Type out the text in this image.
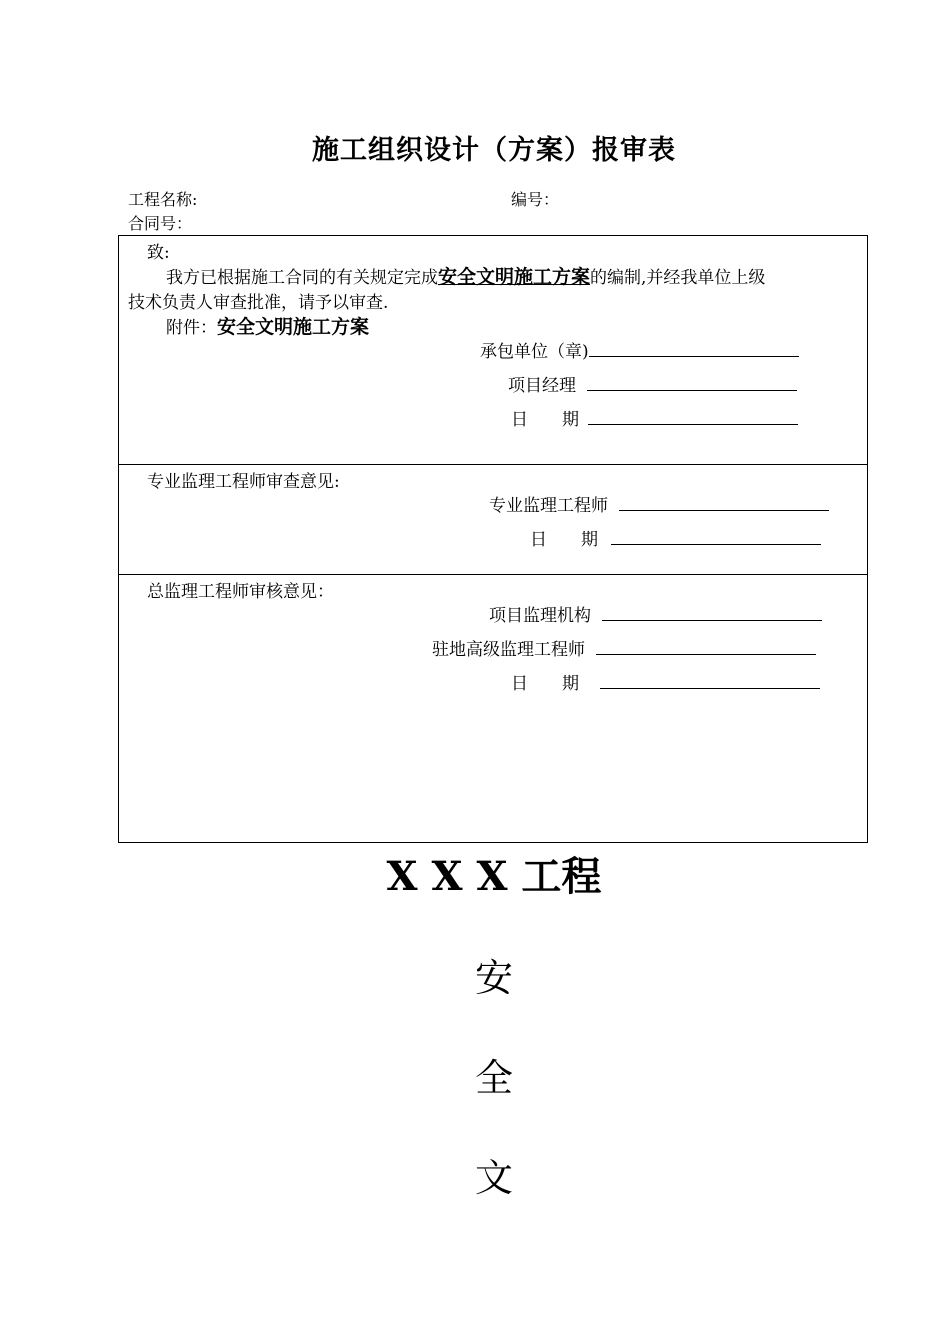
施工组织设计（方案）报审表
工程名称:	编号：
合同号：
致:
我方已根据施工合同的有关规定完成安全文明施工方案的编制,并经我单位上级
技术负责人审查批准，请予以审查.
附件：安全文明施工方案
承包单位（章)
项目经理
日　　期
专业监理工程师审查意见:
专业监理工程师
日　　期
总监理工程师审核意见：
项目监理机构
驻地高级监理工程师
日　　期
X X X 工程
安
全
文
